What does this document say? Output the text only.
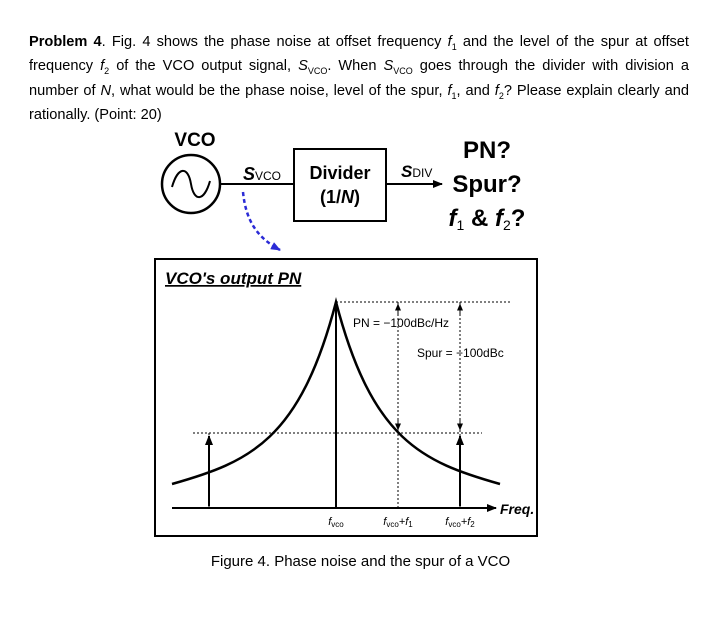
Problem 4. Fig. 4 shows the phase noise at offset frequency $f_1$ and the level of the spur at offset frequency $f_2$ of the VCO output signal, $S_{VCO}$. When $S_{VCO}$ goes through the divider with division a number of N, what would be the phase noise, level of the spur, $f_1$, and $f_2$? Please explain clearly and rationally. (Point: 20)
VCO
SVCO Divider
(1/N)
SDIV
PN?
Spur?
f1 & f2?
VCO's output PN
Freq.
PN = −100dBc/Hz
Spur = −100dBc
fvco	fvco+f1	fvco+f2
Figure 4. Phase noise and the spur of a VCO
